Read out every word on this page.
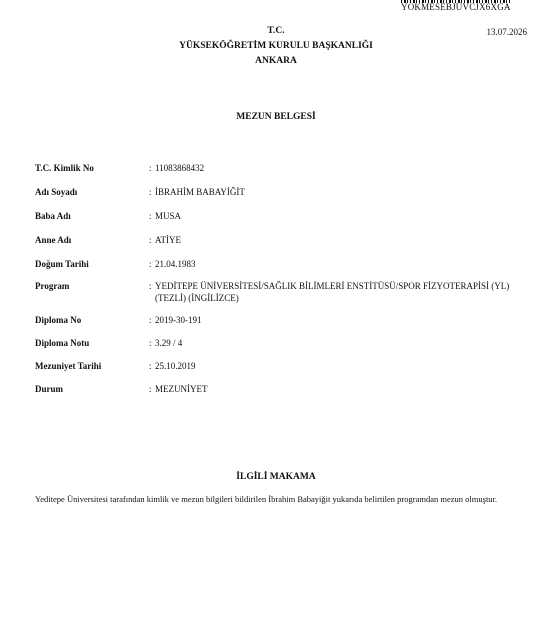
YOKMESEBJUVCJX6XGA
13.07.2026
T.C.
YÜKSEKÖĞRETİM KURULU BAŞKANLIĞI
ANKARA
MEZUN BELGESİ
T.C. Kimlik No	: 11083868432
Adı Soyadı	: İBRAHİM BABAYİĞİT
Baba Adı	: MUSA
Anne Adı	: ATİYE
Doğum Tarihi	: 21.04.1983
Program	: YEDİTEPE ÜNİVERSİTESİ/SAĞLIK BİLİMLERİ ENSTİTÜSÜ/SPOR FİZYOTERAPİSİ (YL) (TEZLİ) (İNGİLİZCE)
Diploma No	: 2019-30-191
Diploma Notu	: 3.29 / 4
Mezuniyet Tarihi	: 25.10.2019
Durum	: MEZUNİYET
İLGİLİ MAKAMA
Yeditepe Üniversitesi tarafından kimlik ve mezun bilgileri bildirilen İbrahim Babayiğit yukarıda belirtilen programdan mezun olmuştur.
